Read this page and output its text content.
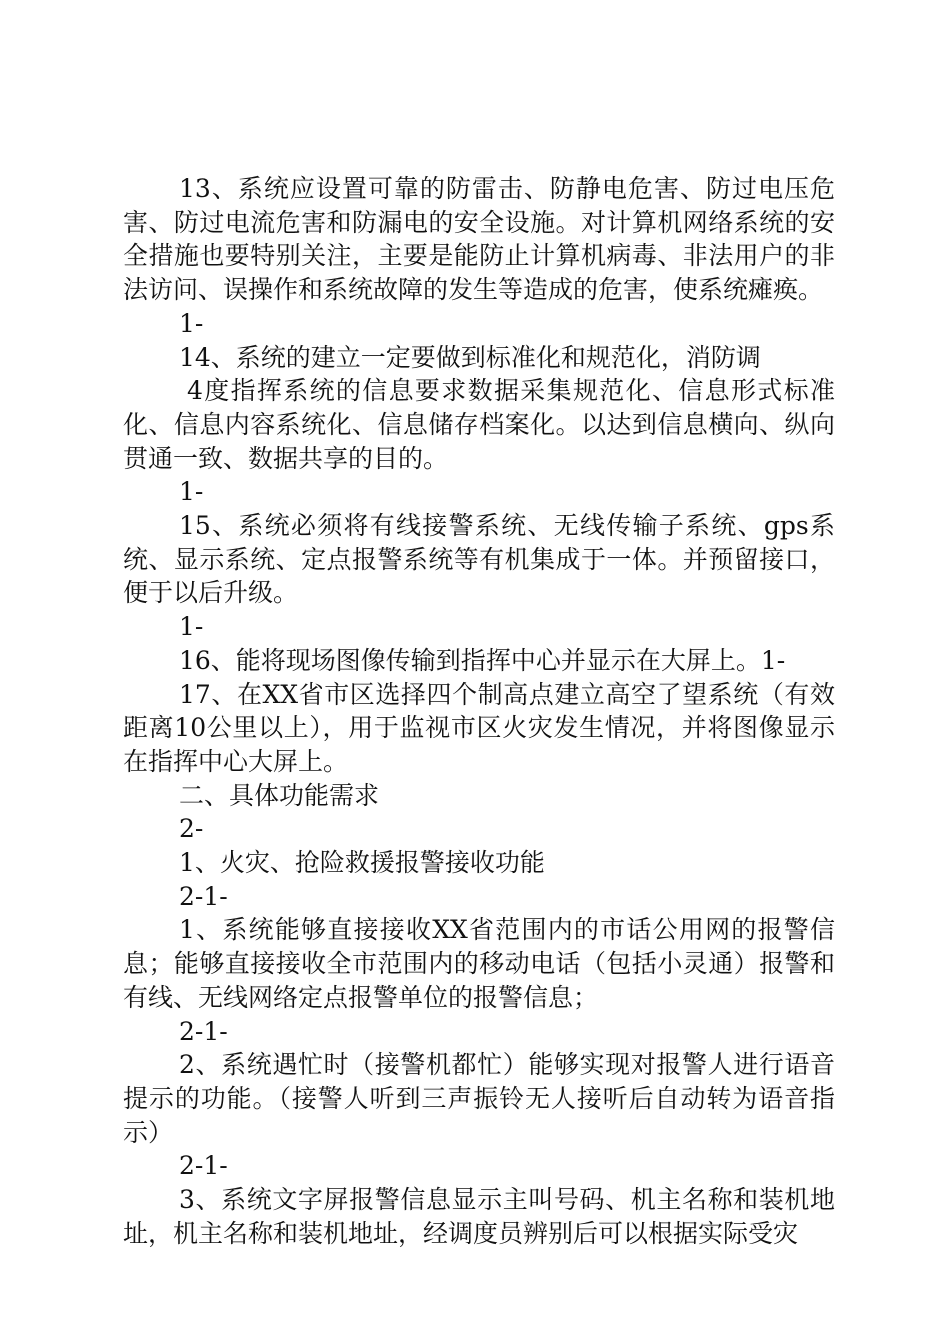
13、系统应设置可靠的防雷击、防静电危害、防过电压危害、防过电流危害和防漏电的安全设施。对计算机网络系统的安全措施也要特别关注，主要是能防止计算机病毒、非法用户的非法访问、误操作和系统故障的发生等造成的危害，使系统瘫痪。

1-

14、系统的建立一定要做到标准化和规范化，消防调

4度指挥系统的信息要求数据采集规范化、信息形式标准化、信息内容系统化、信息储存档案化。以达到信息横向、纵向贯通一致、数据共享的目的。

1-

15、系统必须将有线接警系统、无线传输子系统、gps系统、显示系统、定点报警系统等有机集成于一体。并预留接口，便于以后升级。

1-

16、能将现场图像传输到指挥中心并显示在大屏上。1-

17、在XX省市区选择四个制高点建立高空了望系统（有效距离10公里以上），用于监视市区火灾发生情况，并将图像显示在指挥中心大屏上。

二、具体功能需求

2-

1、火灾、抢险救援报警接收功能

2-1-

1、系统能够直接接收XX省范围内的市话公用网的报警信息；能够直接接收全市范围内的移动电话（包括小灵通）报警和有线、无线网络定点报警单位的报警信息；

2-1-

2、系统遇忙时（接警机都忙）能够实现对报警人进行语音提示的功能。（接警人听到三声振铃无人接听后自动转为语音指示）

2-1-

3、系统文字屏报警信息显示主叫号码、机主名称和装机地址，机主名称和装机地址，经调度员辨别后可以根据实际受灾
